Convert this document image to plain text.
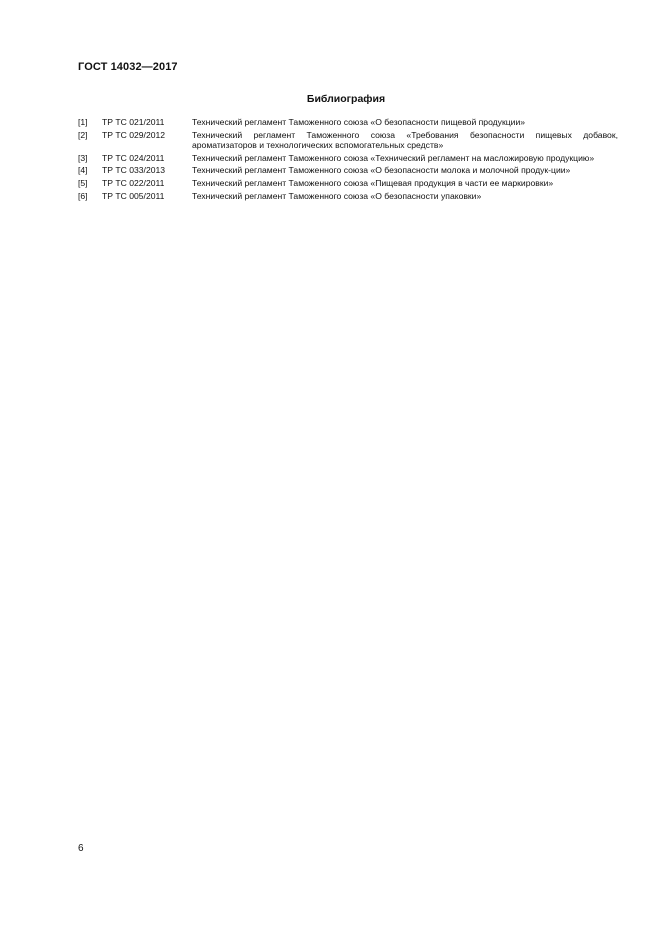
ГОСТ 14032—2017
Библиография
[1]	ТР ТС 021/2011	Технический регламент Таможенного союза «О безопасности пищевой продукции»
[2]	ТР ТС 029/2012	Технический регламент Таможенного союза «Требования безопасности пищевых добавок, ароматизаторов и технологических вспомогательных средств»
[3]	ТР ТС 024/2011	Технический регламент Таможенного союза «Технический регламент на масложировую продукцию»
[4]	ТР ТС 033/2013	Технический регламент Таможенного союза «О безопасности молока и молочной продук-ции»
[5]	ТР ТС 022/2011	Технический регламент Таможенного союза «Пищевая продукция в части ее маркировки»
[6]	ТР ТС 005/2011	Технический регламент Таможенного союза «О безопасности упаковки»
6
